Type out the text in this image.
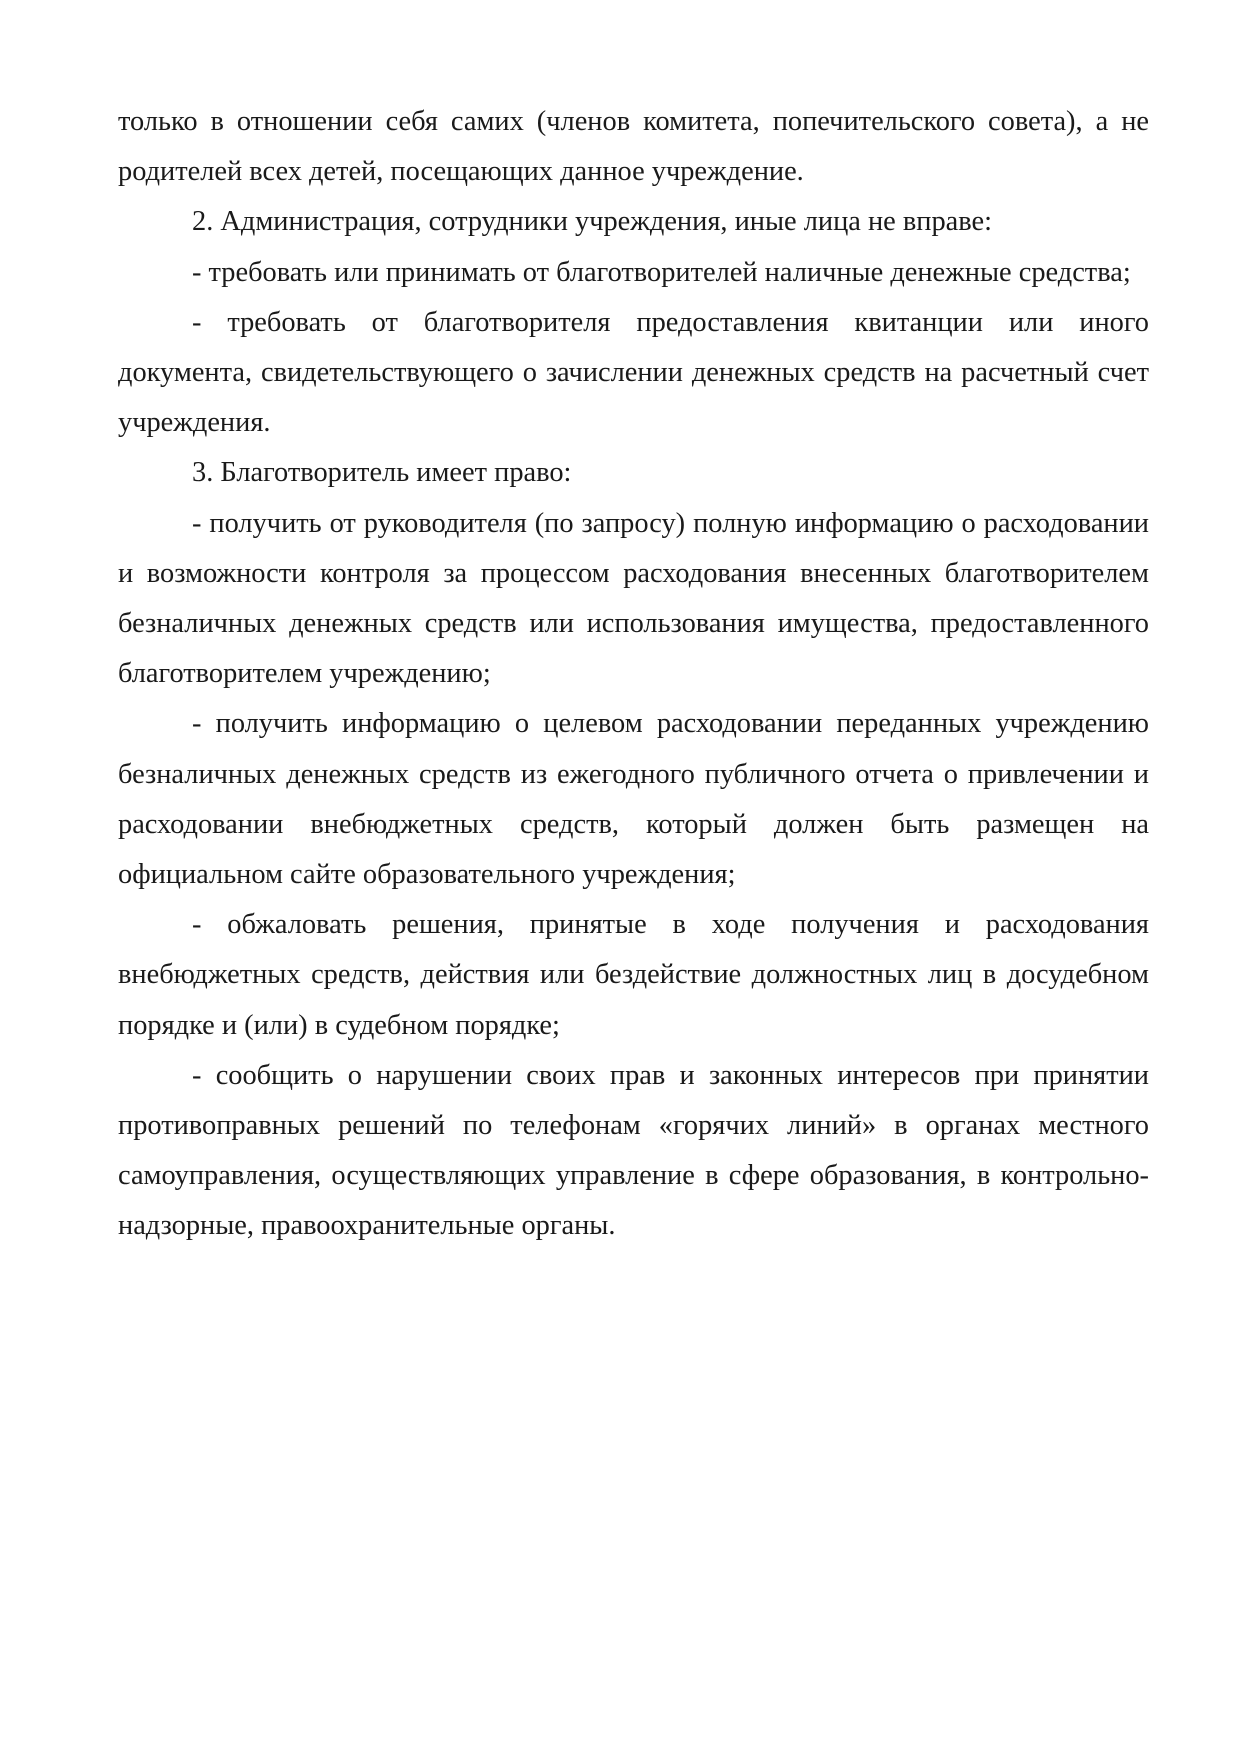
только в отношении себя самих (членов комитета, попечительского совета), а не родителей всех детей, посещающих данное учреждение.

2. Администрация, сотрудники учреждения, иные лица не вправе:

- требовать или принимать от благотворителей наличные денежные средства;

- требовать от благотворителя предоставления квитанции или иного документа, свидетельствующего о зачислении денежных средств на расчетный счет учреждения.

3. Благотворитель имеет право:

- получить от руководителя (по запросу) полную информацию о расходовании и возможности контроля за процессом расходования внесенных благотворителем безналичных денежных средств или использования имущества, предоставленного благотворителем учреждению;

- получить информацию о целевом расходовании переданных учреждению безналичных денежных средств из ежегодного публичного отчета о привлечении и расходовании внебюджетных средств, который должен быть размещен на официальном сайте образовательного учреждения;

- обжаловать решения, принятые в ходе получения и расходования внебюджетных средств, действия или бездействие должностных лиц в досудебном порядке и (или) в судебном порядке;

- сообщить о нарушении своих прав и законных интересов при принятии противоправных решений по телефонам «горячих линий» в органах местного самоуправления, осуществляющих управление в сфере образования, в контрольно-надзорные, правоохранительные органы.
